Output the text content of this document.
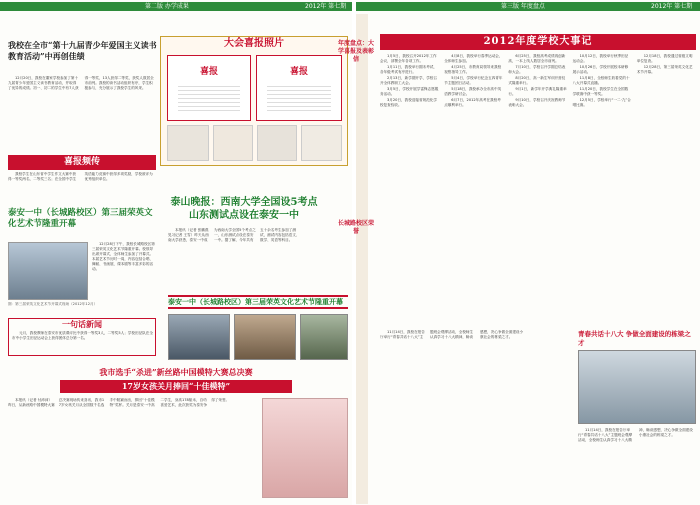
第二版 办学成果	2012年 第七期
我校在全市“第十九届青少年爱国主义读书教育活动”中再创佳绩

12月20日，我校在董家学校参加了第十九届青少年爱国主义读书教育活动，并取得了优异的成绩。初一、初二的学生中有7人获得一等奖，13人获得二等奖，获奖人数居全市前列。我校的读书活动组织有序，学生积极参与，充分展示了我校学生的风采。

大会喜报照片
喜报	喜报
喜报频传

我校学生在山东省中学生作文大赛中获得一等奖两名，二等奖三名；在全国中学生英语能力竞赛中获得多项奖励，学校被评为优秀组织单位。

泰山晚报：西南大学全国设5考点山东测试点设在泰安一中

本报讯（记者 张鹏燕 见习记者 王雪）昨天从西南大学获悉，泰安一中成为西南大学全国5个考点之一，山东测试点设在泰安一中。据了解，今年共有五十余名考生参加了测试，测试内容包括语文、数学、英语等科目。

泰安一中（长城路校区）第三届荣英文化艺术节隆重开幕

12月28日下午，我校长城路校区第三届荣英文化艺术节隆重开幕。校领导出席开幕式，全体师生参加了开幕式。本届艺术节历时一周，内容包括合唱、舞蹈、书画展、课本剧等丰富多彩的活动。

图：第三届荣英文化艺术节开幕式现场（2012年12月）	泰安一中（长城路校区）第三届荣英文化艺术节隆重开幕
一句话新闻

元月，我校教师在泰安市优质课评比中获得一等奖3人，二等奖5人；学校田径队在全市中小学生田径运动会上获得团体总分第一名。

我市选手“杀进”新丝路中国模特大赛总决赛
17岁女孩关月捧回“十佳模特”

本报讯（记者 付沛沛）昨日，从新丝路中国模特大赛总决赛现场传来喜讯，我市17岁女孩关月从全国数千名选手中脱颖而出，捧回“十佳模特”奖杯。关月是泰安一中高二学生，身高178厘米，自幼喜爱艺术，此次获奖为泰安争得了荣誉。

第三版 年度盘点	2012年 第七期
年度盘点：大学喜报及表彰信
长城路校区荣誉
2012年度学校大事记

1月5日，我校召开2012年工作会议，部署全年各项工作。

1月11日，我校举行期末考试，各年级考试有序进行。

2月13日，新学期开学，学校召开全体教职工大会。

3月5日，学校开展学雷锋志愿服务活动。

3月20日，我校迎接省规范化学校复查验收。

4月8日，我校举行春季运动会，全体师生参加。

4月25日，市教育局领导来我校视察指导工作。

5月4日，学校举行纪念五四青年节主题团日活动。

5月18日，我校承办全市高中英语教学研讨会。

6月7日，2012年高考在我校考点顺利举行。

6月25日，我校高考成绩再创新高，一本上线人数居全市前列。

7月10日，学校召开学期总结表彰大会。

8月20日，高一新生军训开营仪式隆重举行。

9月1日，新学年开学典礼隆重举行。

9月10日，学校召开庆祝教师节表彰大会。

10月12日，我校举行秋季田径运动会。

10月26日，学校开展校本研修展示活动。

11月8日，全校师生收看党的十八大开幕式直播。

11月20日，我校学生在全国数学联赛中获一等奖。

12月5日，学校举行“一二·九”合唱比赛。

12月18日，我校通过省级文明单位复查。

12月28日，第三届荣英文化艺术节开幕。

11月14日，我校在报告厅举行“青春共话十八大”主题班会观摩活动，全校师生认真学习十八大精神，畅谈感想，决心争做全面建设小康社会的栋梁之才。	青春共话十八大 争做全面建设的栋梁之才

11月14日，我校在报告厅举行“青春共话十八大”主题班会观摩活动，全校师生认真学习十八大精神，畅谈感想，决心争做全面建设小康社会的栋梁之才。
